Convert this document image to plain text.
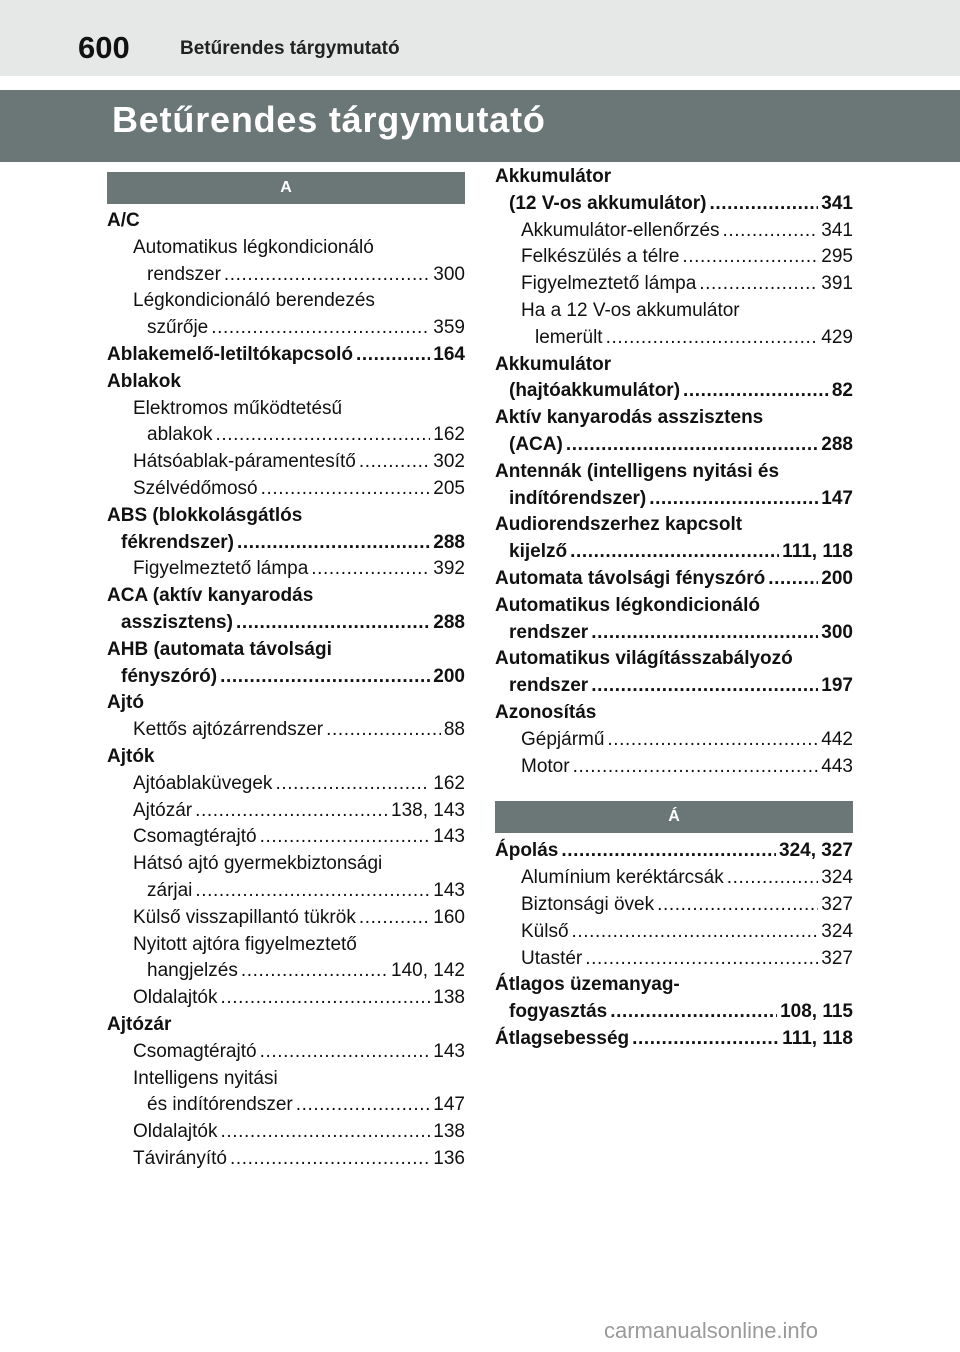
600	Betűrendes tárgymutató
Betűrendes tárgymutató
A
A/C
Automatikus légkondicionáló
rendszer .....	300
Légkondicionáló berendezés
szűrője .....	359
Ablakemelő-letiltókapcsoló .....	164
Ablakok
Elektromos működtetésű
ablakok .....	162
Hátsóablak-páramentesítő .....	302
Szélvédőmosó .....	205
ABS (blokkolásgátlós
fékrendszer) .....	288
Figyelmeztető lámpa .....	392
ACA (aktív kanyarodás
asszisztens) .....	288
AHB (automata távolsági
fényszóró) .....	200
Ajtó
Kettős ajtózárrendszer .....	88
Ajtók
Ajtóablaküvegek .....	162
Ajtózár .....	138, 143
Csomagtérajtó .....	143
Hátsó ajtó gyermekbiztonsági
zárjai .....	143
Külső visszapillantó tükrök .....	160
Nyitott ajtóra figyelmeztető
hangjelzés .....	140, 142
Oldalajtók .....	138
Ajtózár
Csomagtérajtó .....	143
Intelligens nyitási
és indítórendszer .....	147
Oldalajtók .....	138
Távirányító .....	136
Akkumulátor
(12 V-os akkumulátor) .....	341
Akkumulátor-ellenőrzés .....	341
Felkészülés a télre .....	295
Figyelmeztető lámpa .....	391
Ha a 12 V-os akkumulátor
lemerült .....	429
Akkumulátor
(hajtóakkumulátor) .....	82
Aktív kanyarodás asszisztens
(ACA) .....	288
Antennák (intelligens nyitási és
indítórendszer) .....	147
Audiorendszerhez kapcsolt
kijelző .....	111, 118
Automata távolsági fényszóró .....	200
Automatikus légkondicionáló
rendszer .....	300
Automatikus világításszabályozó
rendszer .....	197
Azonosítás
Gépjármű .....	442
Motor .....	443
Á
Ápolás .....	324, 327
Alumínium keréktárcsák .....	324
Biztonsági övek .....	327
Külső .....	324
Utastér .....	327
Átlagos üzemanyag-
fogyasztás .....	108, 115
Átlagsebesség .....	111, 118
carmanualsonline.info
